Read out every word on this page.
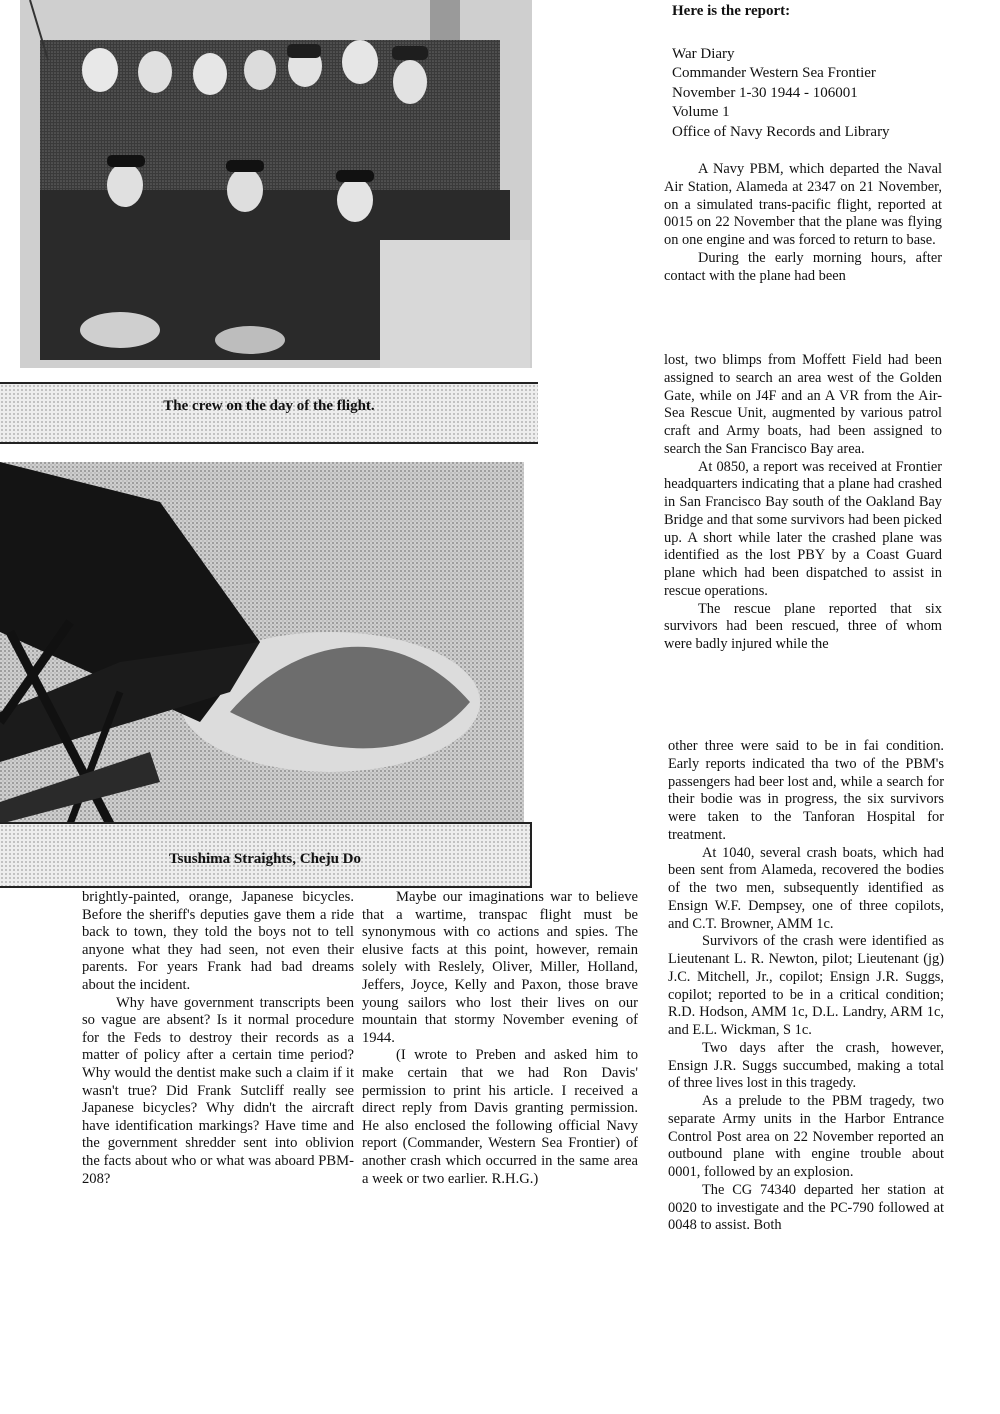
The crew on the day of the flight.
Tsushima Straights, Cheju Do

brightly-painted, orange, Japanese bicycles. Before the sheriff's deputies gave them a ride back to town, they told the boys not to tell anyone what they had seen, not even their parents. For years Frank had bad dreams about the incident.

Why have government transcripts been so vague are absent? Is it normal procedure for the Feds to destroy their records as a matter of policy after a certain time period? Why would the dentist make such a claim if it wasn't true? Did Frank Sutcliff really see Japanese bicycles? Why didn't the aircraft have identification markings? Have time and the government shredder sent into oblivion the facts about who or what was aboard PBM-208?

Maybe our imaginations war to believe that a wartime, transpac flight must be synonymous with co actions and spies. The elusive facts at this point, however, remain solely with Reslely, Oliver, Miller, Holland, Jeffers, Joyce, Kelly and Paxon, those brave young sailors who lost their lives on our mountain that stormy November evening of 1944.

(I wrote to Preben and asked him to make certain that we had Ron Davis' permission to print his article. I received a direct reply from Davis granting permission. He also enclosed the following official Navy report (Commander, Western Sea Frontier) of another crash which occurred in the same area a week or two earlier. R.H.G.)

Here is the report:
War Diary
Commander Western Sea Frontier
November 1-30 1944 - 106001
Volume 1
Office of Navy Records and Library

A Navy PBM, which departed the Naval Air Station, Alameda at 2347 on 21 November, on a simulated trans-pacific flight, reported at 0015 on 22 November that the plane was flying on one engine and was forced to return to base.

During the early morning hours, after contact with the plane had been

lost, two blimps from Moffett Field had been assigned to search an area west of the Golden Gate, while on J4F and an A VR from the Air-Sea Rescue Unit, augmented by various patrol craft and Army boats, had been assigned to search the San Francisco Bay area.

At 0850, a report was received at Frontier headquarters indicating that a plane had crashed in San Francisco Bay south of the Oakland Bay Bridge and that some survivors had been picked up. A short while later the crashed plane was identified as the lost PBY by a Coast Guard plane which had been dispatched to assist in rescue operations.

The rescue plane reported that six survivors had been rescued, three of whom were badly injured while the

other three were said to be in fai condition. Early reports indicated tha two of the PBM's passengers had beer lost and, while a search for their bodie was in progress, the six survivors were taken to the Tanforan Hospital for treatment.

At 1040, several crash boats, which had been sent from Alameda, recovered the bodies of the two men, subsequently identified as Ensign W.F. Dempsey, one of three copilots, and C.T. Browner, AMM 1c.

Survivors of the crash were identified as Lieutenant L. R. Newton, pilot; Lieutenant (jg) J.C. Mitchell, Jr., copilot; Ensign J.R. Suggs, copilot; reported to be in a critical condition; R.D. Hodson, AMM 1c, D.L. Landry, ARM 1c, and E.L. Wickman, S 1c.

Two days after the crash, however, Ensign J.R. Suggs succumbed, making a total of three lives lost in this tragedy.

As a prelude to the PBM tragedy, two separate Army units in the Harbor Entrance Control Post area on 22 November reported an outbound plane with engine trouble about 0001, followed by an explosion.

The CG 74340 departed her station at 0020 to investigate and the PC-790 followed at 0048 to assist. Both
